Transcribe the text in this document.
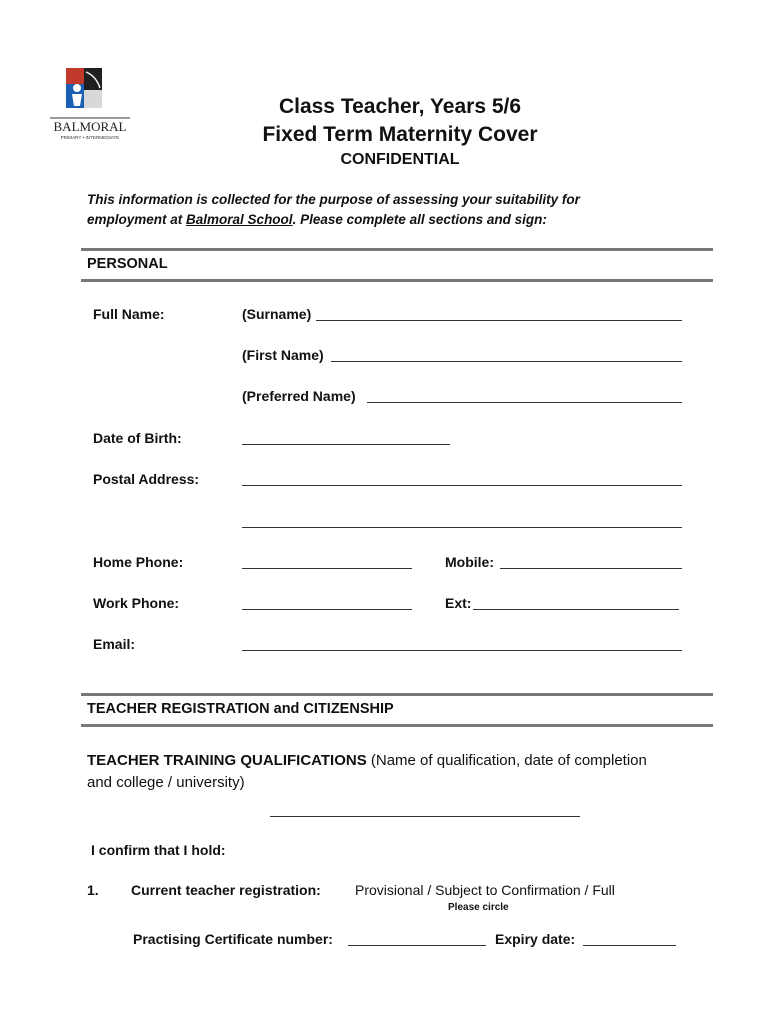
BALMORAL
PRIMARY • INTERMEDIATE
Class Teacher, Years 5/6
Fixed Term Maternity Cover
CONFIDENTIAL
This information is collected for the purpose of assessing your suitability for
employment at Balmoral School. Please complete all sections and sign:
PERSONAL
Full Name:	(Surname)
(First Name)
(Preferred Name)
Date of Birth:
Postal Address:
Home Phone:	Mobile:
Work Phone:	Ext:
Email:
TEACHER REGISTRATION and CITIZENSHIP
TEACHER TRAINING QUALIFICATIONS (Name of qualification, date of completion
and college / university)
I confirm that I hold:
1. Current teacher registration: Provisional / Subject to Confirmation / Full
Please circle
Practising Certificate number:	Expiry date:
